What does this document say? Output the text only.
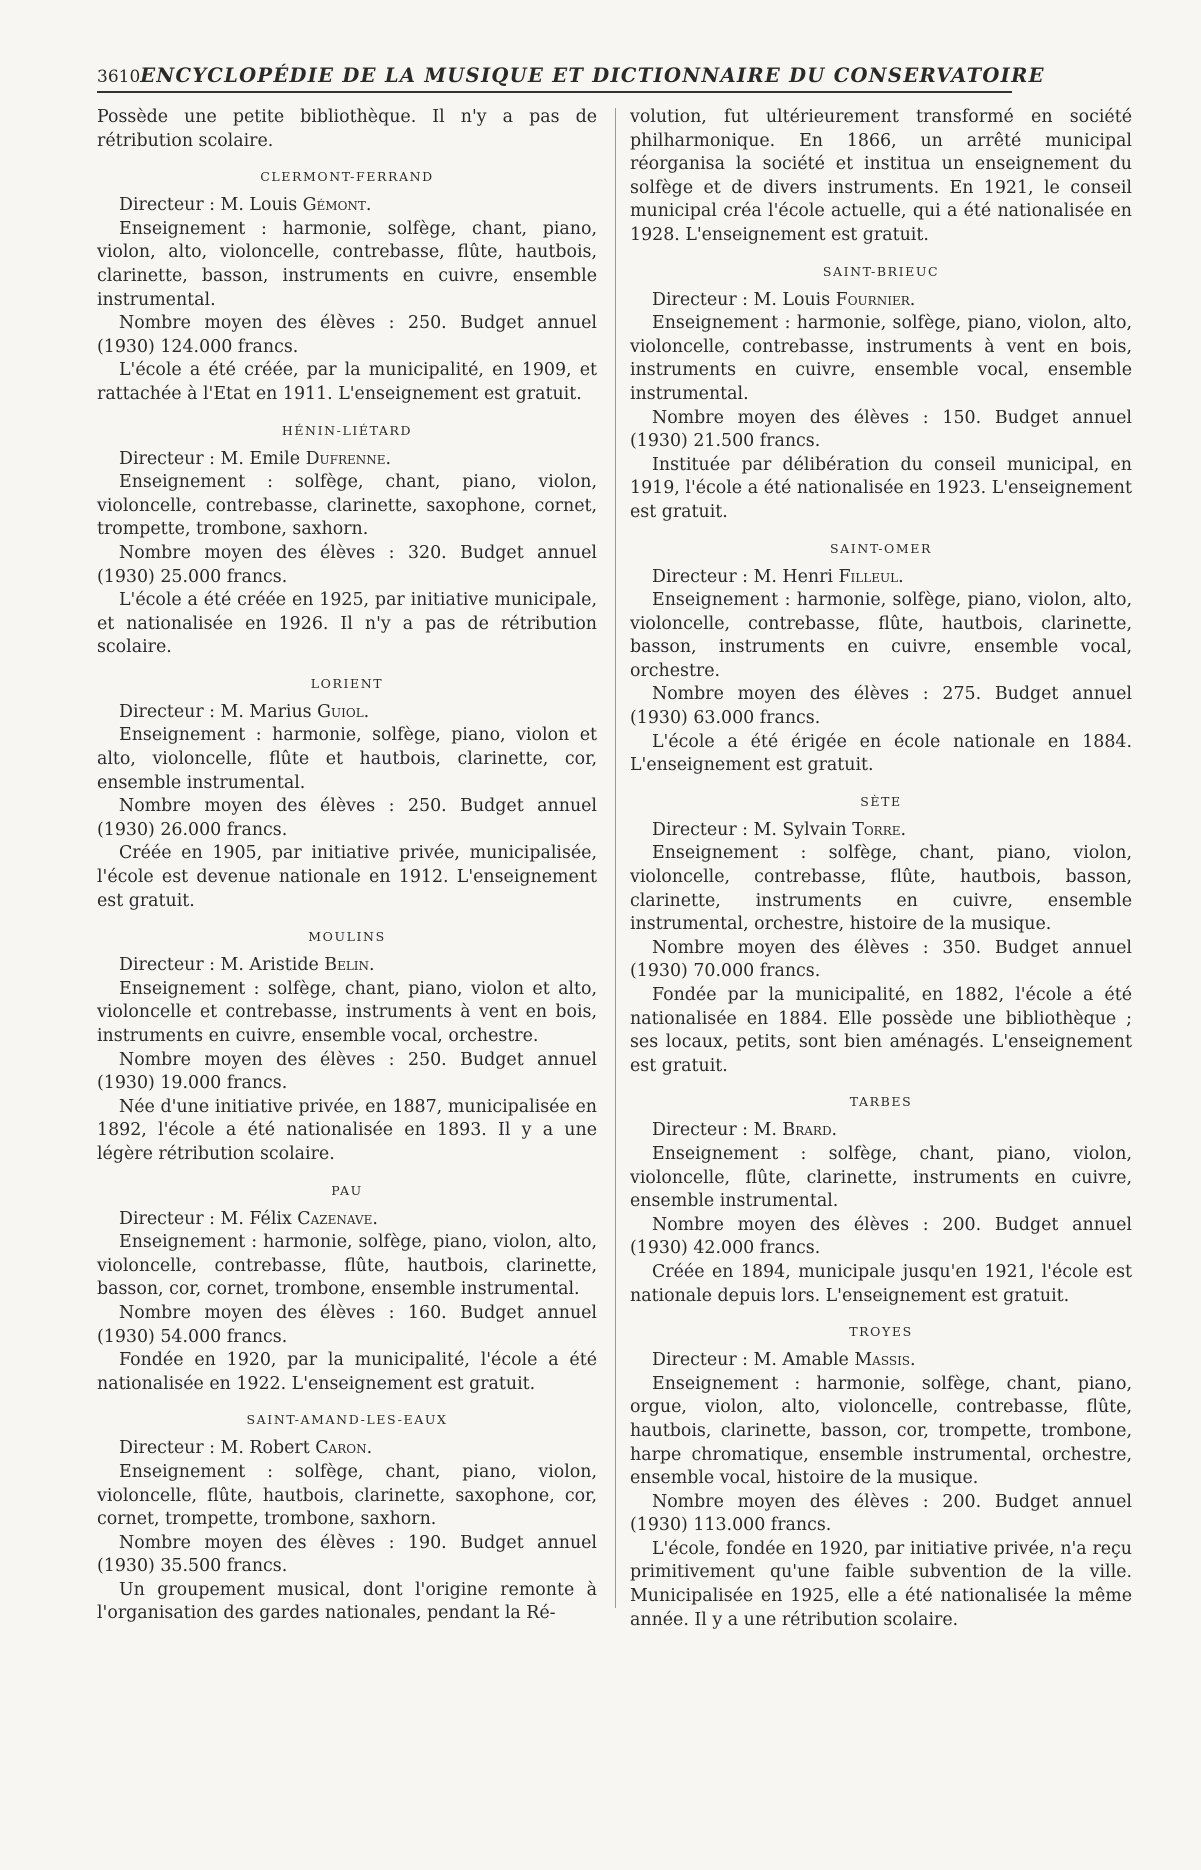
3610 ENCYCLOPÉDIE DE LA MUSIQUE ET DICTIONNAIRE DU CONSERVATOIRE

Possède une petite bibliothèque. Il n'y a pas de rétribution scolaire.

CLERMONT-FERRAND

Directeur : M. Louis Gémont.

Enseignement : harmonie, solfège, chant, piano, violon, alto, violoncelle, contrebasse, flûte, hautbois, clarinette, basson, instruments en cuivre, ensemble instrumental.

Nombre moyen des élèves : 250. Budget annuel (1930) 124.000 francs.

L'école a été créée, par la municipalité, en 1909, et rattachée à l'Etat en 1911. L'enseignement est gratuit.

HÉNIN-LIÉTARD

Directeur : M. Emile Dufrenne.

Enseignement : solfège, chant, piano, violon, violoncelle, contrebasse, clarinette, saxophone, cornet, trompette, trombone, saxhorn.

Nombre moyen des élèves : 320. Budget annuel (1930) 25.000 francs.

L'école a été créée en 1925, par initiative municipale, et nationalisée en 1926. Il n'y a pas de rétribution scolaire.

LORIENT

Directeur : M. Marius Guiol.

Enseignement : harmonie, solfège, piano, violon et alto, violoncelle, flûte et hautbois, clarinette, cor, ensemble instrumental.

Nombre moyen des élèves : 250. Budget annuel (1930) 26.000 francs.

Créée en 1905, par initiative privée, municipalisée, l'école est devenue nationale en 1912. L'enseignement est gratuit.

MOULINS

Directeur : M. Aristide Belin.

Enseignement : solfège, chant, piano, violon et alto, violoncelle et contrebasse, instruments à vent en bois, instruments en cuivre, ensemble vocal, orchestre.

Nombre moyen des élèves : 250. Budget annuel (1930) 19.000 francs.

Née d'une initiative privée, en 1887, municipalisée en 1892, l'école a été nationalisée en 1893. Il y a une légère rétribution scolaire.

PAU

Directeur : M. Félix Cazenave.

Enseignement : harmonie, solfège, piano, violon, alto, violoncelle, contrebasse, flûte, hautbois, clarinette, basson, cor, cornet, trombone, ensemble instrumental.

Nombre moyen des élèves : 160. Budget annuel (1930) 54.000 francs.

Fondée en 1920, par la municipalité, l'école a été nationalisée en 1922. L'enseignement est gratuit.

SAINT-AMAND-LES-EAUX

Directeur : M. Robert Caron.

Enseignement : solfège, chant, piano, violon, violoncelle, flûte, hautbois, clarinette, saxophone, cor, cornet, trompette, trombone, saxhorn.

Nombre moyen des élèves : 190. Budget annuel (1930) 35.500 francs.

Un groupement musical, dont l'origine remonte à l'organisation des gardes nationales, pendant la Ré-

volution, fut ultérieurement transformé en société philharmonique. En 1866, un arrêté municipal réorganisa la société et institua un enseignement du solfège et de divers instruments. En 1921, le conseil municipal créa l'école actuelle, qui a été nationalisée en 1928. L'enseignement est gratuit.

SAINT-BRIEUC

Directeur : M. Louis Fournier.

Enseignement : harmonie, solfège, piano, violon, alto, violoncelle, contrebasse, instruments à vent en bois, instruments en cuivre, ensemble vocal, ensemble instrumental.

Nombre moyen des élèves : 150. Budget annuel (1930) 21.500 francs.

Instituée par délibération du conseil municipal, en 1919, l'école a été nationalisée en 1923. L'enseignement est gratuit.

SAINT-OMER

Directeur : M. Henri Filleul.

Enseignement : harmonie, solfège, piano, violon, alto, violoncelle, contrebasse, flûte, hautbois, clarinette, basson, instruments en cuivre, ensemble vocal, orchestre.

Nombre moyen des élèves : 275. Budget annuel (1930) 63.000 francs.

L'école a été érigée en école nationale en 1884. L'enseignement est gratuit.

SÈTE

Directeur : M. Sylvain Torre.

Enseignement : solfège, chant, piano, violon, violoncelle, contrebasse, flûte, hautbois, basson, clarinette, instruments en cuivre, ensemble instrumental, orchestre, histoire de la musique.

Nombre moyen des élèves : 350. Budget annuel (1930) 70.000 francs.

Fondée par la municipalité, en 1882, l'école a été nationalisée en 1884. Elle possède une bibliothèque ; ses locaux, petits, sont bien aménagés. L'enseignement est gratuit.

TARBES

Directeur : M. Brard.

Enseignement : solfège, chant, piano, violon, violoncelle, flûte, clarinette, instruments en cuivre, ensemble instrumental.

Nombre moyen des élèves : 200. Budget annuel (1930) 42.000 francs.

Créée en 1894, municipale jusqu'en 1921, l'école est nationale depuis lors. L'enseignement est gratuit.

TROYES

Directeur : M. Amable Massis.

Enseignement : harmonie, solfège, chant, piano, orgue, violon, alto, violoncelle, contrebasse, flûte, hautbois, clarinette, basson, cor, trompette, trombone, harpe chromatique, ensemble instrumental, orchestre, ensemble vocal, histoire de la musique.

Nombre moyen des élèves : 200. Budget annuel (1930) 113.000 francs.

L'école, fondée en 1920, par initiative privée, n'a reçu primitivement qu'une faible subvention de la ville. Municipalisée en 1925, elle a été nationalisée la même année. Il y a une rétribution scolaire.
